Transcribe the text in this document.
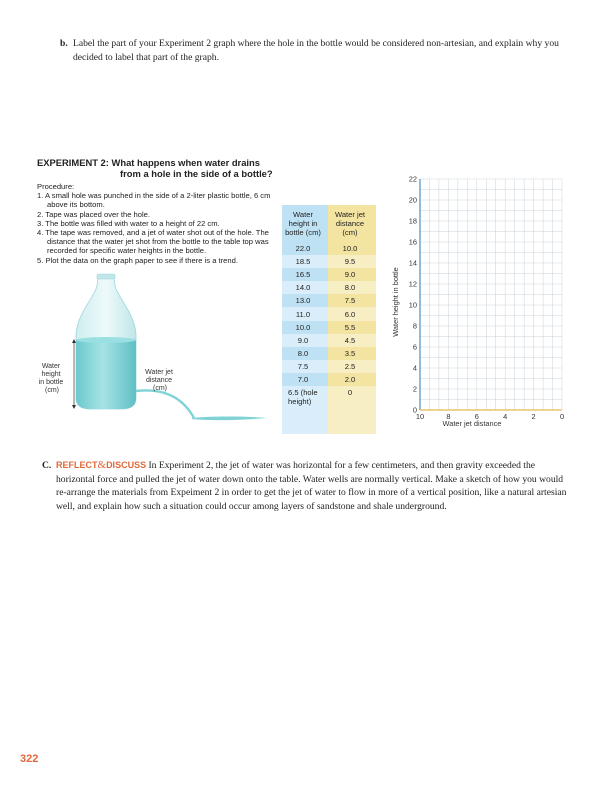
b. Label the part of your Experiment 2 graph where the hole in the bottle would be considered non-artesian, and explain why you decided to label that part of the graph.
EXPERIMENT 2: What happens when water drains
from a hole in the side of a bottle?
Procedure:
1. A small hole was punched in the side of a 2-liter plastic bottle, 6 cm above its bottom.
2. Tape was placed over the hole.
3. The bottle was filled with water to a height of 22 cm.
4. The tape was removed, and a jet of water shot out of the hole. The distance that the water jet shot from the bottle to the table top was recorded for specific water heights in the bottle.
5. Plot the data on the graph paper to see if there is a trend.
Water height in bottle (cm)
Water jet distance (cm)
Water height in bottle (cm)	Water jet distance (cm)
22.0	10.0
18.5	9.5
16.5	9.0
14.0	8.0
13.0	7.5
11.0	6.0
10.0	5.5
9.0	4.5
8.0	3.5
7.5	2.5
7.0	2.0
6.5 (hole height)	0
22
20
18
16
14
12
10
8
6
4
2
0
10	8	6	4	2	0
Water height in bottle
Water jet distance
C. REFLECT&DISCUSS In Experiment 2, the jet of water was horizontal for a few centimeters, and then gravity exceeded the horizontal force and pulled the jet of water down onto the table. Water wells are normally vertical. Make a sketch of how you would re-arrange the materials from Expeiment 2 in order to get the jet of water to flow in more of a vertical position, like a natural artesian well, and explain how such a situation could occur among layers of sandstone and shale underground.
322
